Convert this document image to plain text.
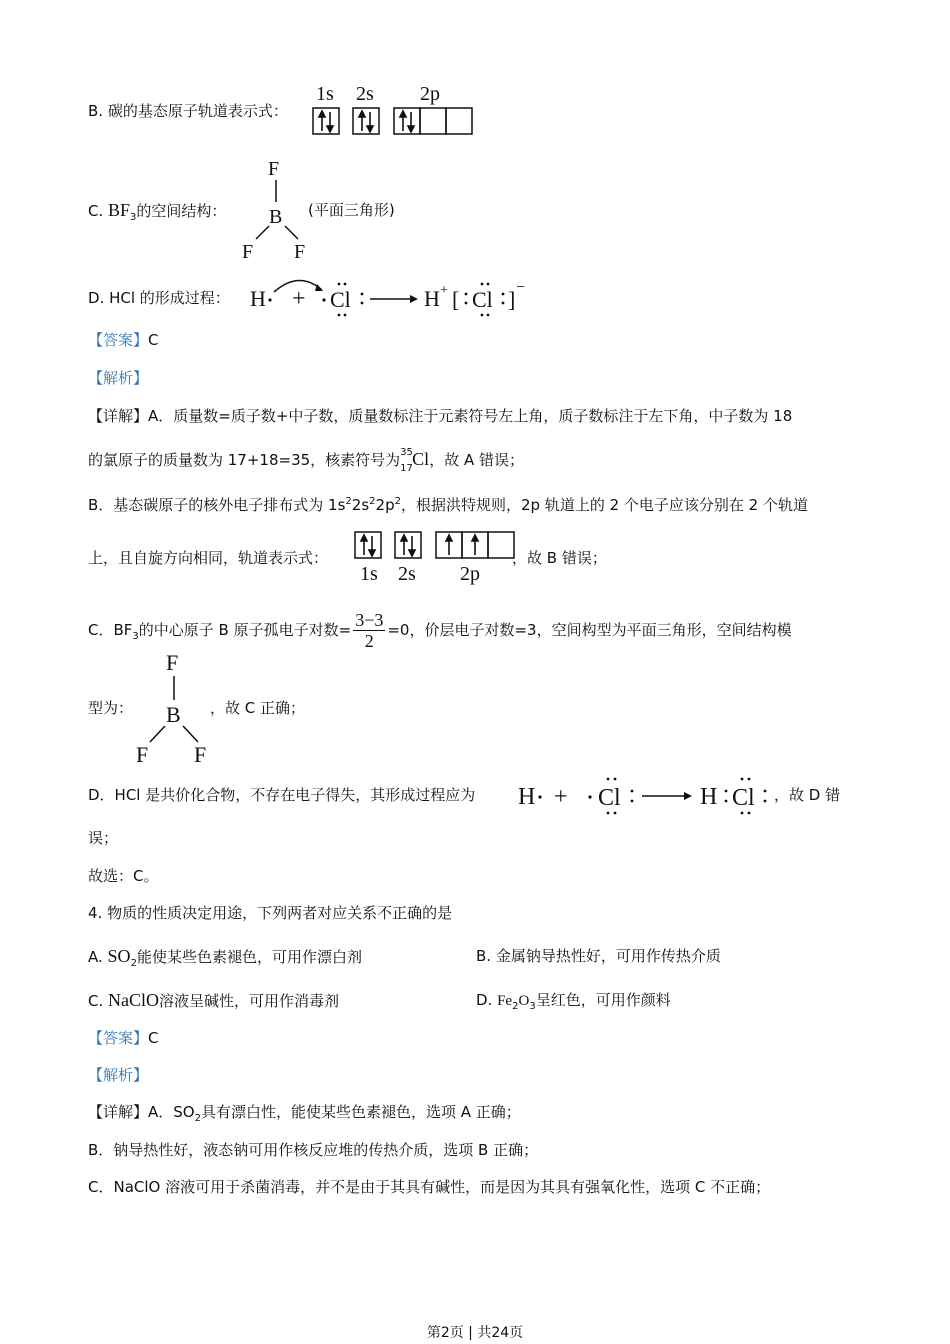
B. 碳的基态原子轨道表示式：
1s 2s 2p
C. $BF_3$的空间结构：
F
B
F F
(平面三角形)
D. HCl 的形成过程： H + Cl	H + [ Cl ] −
【答案】C
【解析】
【详解】A．质量数=质子数+中子数，质量数标注于元素符号左上角，质子数标注于左下角，中子数为 18
的氯原子的质量数为 17+18=35，核素符号为 35
17 Cl，故 A 错误；
B．基态碳原子的核外电子排布式为 $1s^22s^22p^2$，根据洪特规则，2p 轨道上的 2 个电子应该分别在 2 个轨道
上，且自旋方向相同，轨道表示式：
1s 2s 2p
，故 B 错误；
C．$BF_3$的中心原子 B 原子孤电子对数= $\frac{3-3}{2} =0$，价层电子对数=3，空间构型为平面三角形，空间结构模
型为：
F
B
F F
，故 C 正确；
D．HCl 是共价化合物，不存在电子得失，其形成过程应为 H + Cl	H Cl ，故 D 错
误；
故选：C。
4. 物质的性质决定用途，下列两者对应关系不正确的是
A. $SO_2$能使某些色素褪色，可用作漂白剂	B. 金属钠导热性好，可用作传热介质
C. NaClO溶液呈碱性，可用作消毒剂	D. $Fe_2O_3$呈红色，可用作颜料
【答案】C
【解析】
【详解】A．$SO_2$具有漂白性，能使某些色素褪色，选项 A 正确；
B．钠导热性好，液态钠可用作核反应堆的传热介质，选项 B 正确；
C．NaClO 溶液可用于杀菌消毒，并不是由于其具有碱性，而是因为其具有强氧化性，选项 C 不正确；
第2页 | 共24页
